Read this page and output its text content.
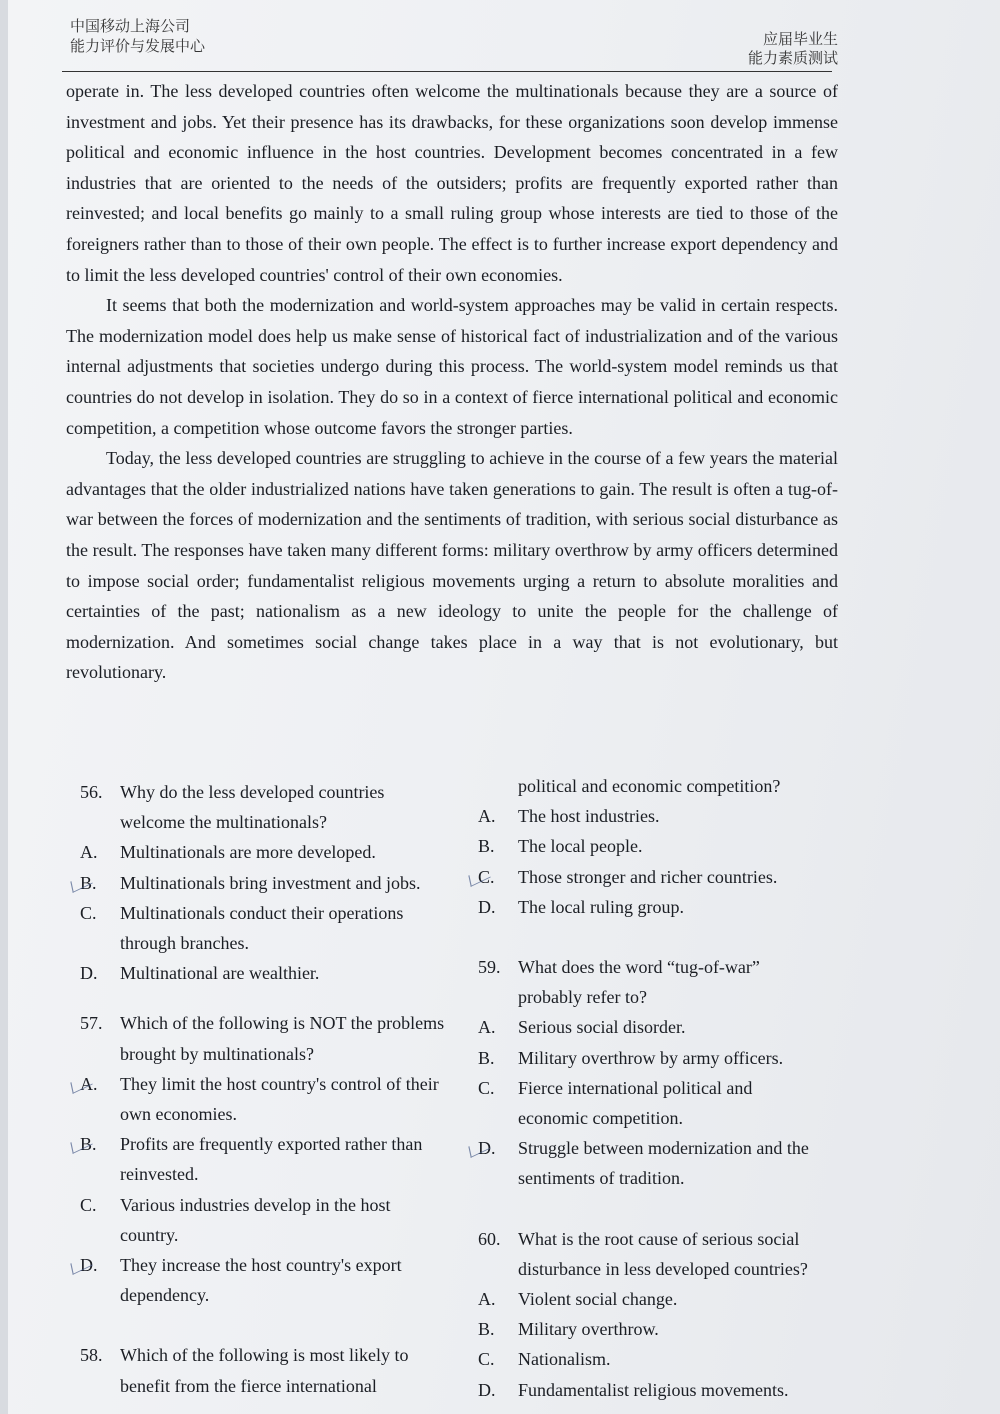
中国移动上海公司
能力评价与发展中心	应届毕业生
能力素质测试

operate in. The less developed countries often welcome the multinationals because they are a source of investment and jobs. Yet their presence has its drawbacks, for these organizations soon develop immense political and economic influence in the host countries. Development becomes concentrated in a few industries that are oriented to the needs of the outsiders; profits are frequently exported rather than reinvested; and local benefits go mainly to a small ruling group whose interests are tied to those of the foreigners rather than to those of their own people. The effect is to further increase export dependency and to limit the less developed countries' control of their own economies.

It seems that both the modernization and world-system approaches may be valid in certain respects. The modernization model does help us make sense of historical fact of industrialization and of the various internal adjustments that societies undergo during this process. The world-system model reminds us that countries do not develop in isolation. They do so in a context of fierce international political and economic competition, a competition whose outcome favors the stronger parties.

Today, the less developed countries are struggling to achieve in the course of a few years the material advantages that the older industrialized nations have taken generations to gain. The result is often a tug-of-war between the forces of modernization and the sentiments of tradition, with serious social disturbance as the result. The responses have taken many different forms: military overthrow by army officers determined to impose social order; fundamentalist religious movements urging a return to absolute moralities and certainties of the past; nationalism as a new ideology to unite the people for the challenge of modernization. And sometimes social change takes place in a way that is not evolutionary, but revolutionary.

56. Why do the less developed countries welcome the multinationals?
A.	Multinationals are more developed.
B.	Multinationals bring investment and jobs.
C.	Multinationals conduct their operations through branches.
D.	Multinational are wealthier.
57. Which of the following is NOT the problems brought by multinationals?
A.	They limit the host country's control of their own economies.
B.	Profits are frequently exported rather than reinvested.
C.	Various industries develop in the host country.
D.	They increase the host country's export dependency.
58. Which of the following is most likely to benefit from the fierce international
political and economic competition?
A.	The host industries.
B.	The local people.
C.	Those stronger and richer countries.
D.	The local ruling group.
59. What does the word “tug-of-war” probably refer to?
A.	Serious social disorder.
B.	Military overthrow by army officers.
C.	Fierce international political and economic competition.
D.	Struggle between modernization and the sentiments of tradition.
60. What is the root cause of serious social disturbance in less developed countries?
A.	Violent social change.
B.	Military overthrow.
C.	Nationalism.
D.	Fundamentalist religious movements.
